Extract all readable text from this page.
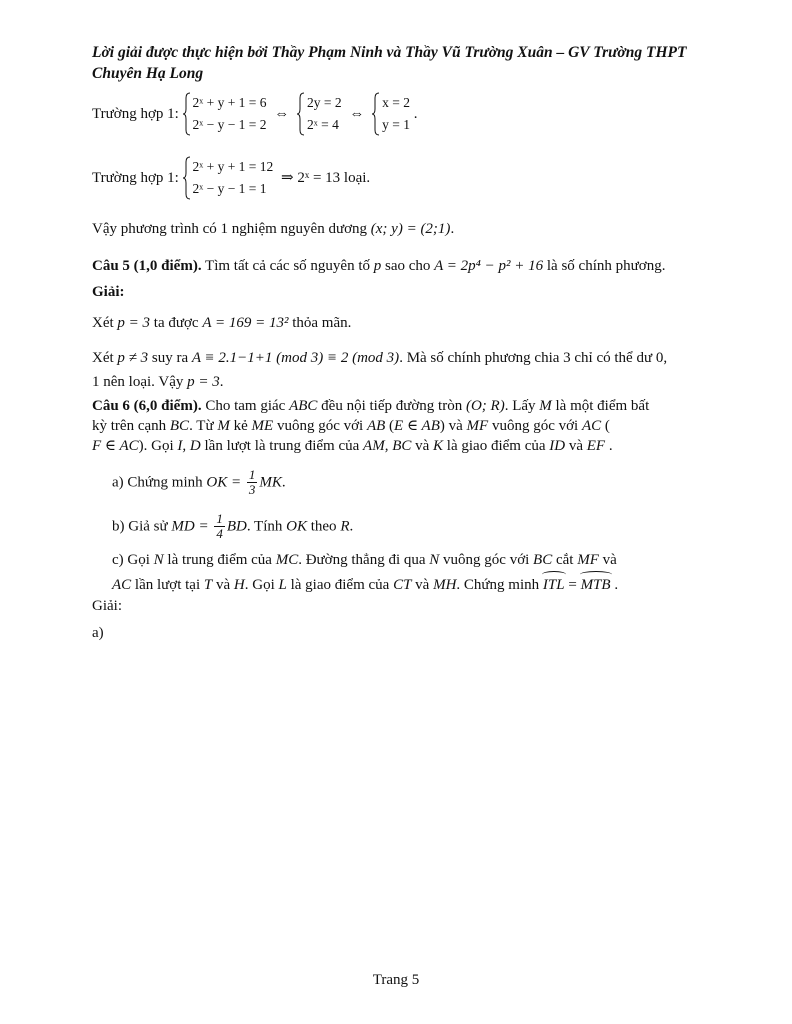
Lời giải được thực hiện bởi Thầy Phạm Ninh và Thầy Vũ Trường Xuân – GV Trường THPT
Chuyên Hạ Long
Trường hợp 1:
2ˣ + y + 1 = 6
2ˣ − y − 1 = 2
⇔
2y = 2
2ˣ = 4
⇔
x = 2
y = 1
.
Trường hợp 1:
2ˣ + y + 1 = 12
2ˣ − y − 1 = 1
⇒ 2ˣ = 13 loại.
Vậy phương trình có 1 nghiệm nguyên dương (x; y) = (2;1).
Câu 5 (1,0 điểm). Tìm tất cả các số nguyên tố p sao cho A = 2p⁴ − p² + 16 là số chính phương.
Giải:
Xét p = 3 ta được A = 169 = 13² thỏa mãn.
Xét p ≠ 3 suy ra A ≡ 2.1−1+1 (mod 3) ≡ 2 (mod 3). Mà số chính phương chia 3 chỉ có thể dư 0,
1 nên loại. Vậy p = 3.
Câu 6 (6,0 điểm). Cho tam giác ABC đều nội tiếp đường tròn (O; R). Lấy M là một điểm bất
kỳ trên cạnh BC. Từ M kẻ ME vuông góc với AB (E ∈ AB) và MF vuông góc với AC (
F ∈ AC). Gọi I, D lần lượt là trung điểm của AM, BC và K là giao điểm của ID và EF .
a) Chứng minh OK = $\frac{1}{3}$ MK.
b) Giả sử MD = $\frac{1}{4}$ BD. Tính OK theo R.
c) Gọi N là trung điểm của MC. Đường thẳng đi qua N vuông góc với BC cắt MF và
AC lần lượt tại T và H. Gọi L là giao điểm của CT và MH. Chứng minh ITL = MTB .
Giải:
a)
Trang 5
